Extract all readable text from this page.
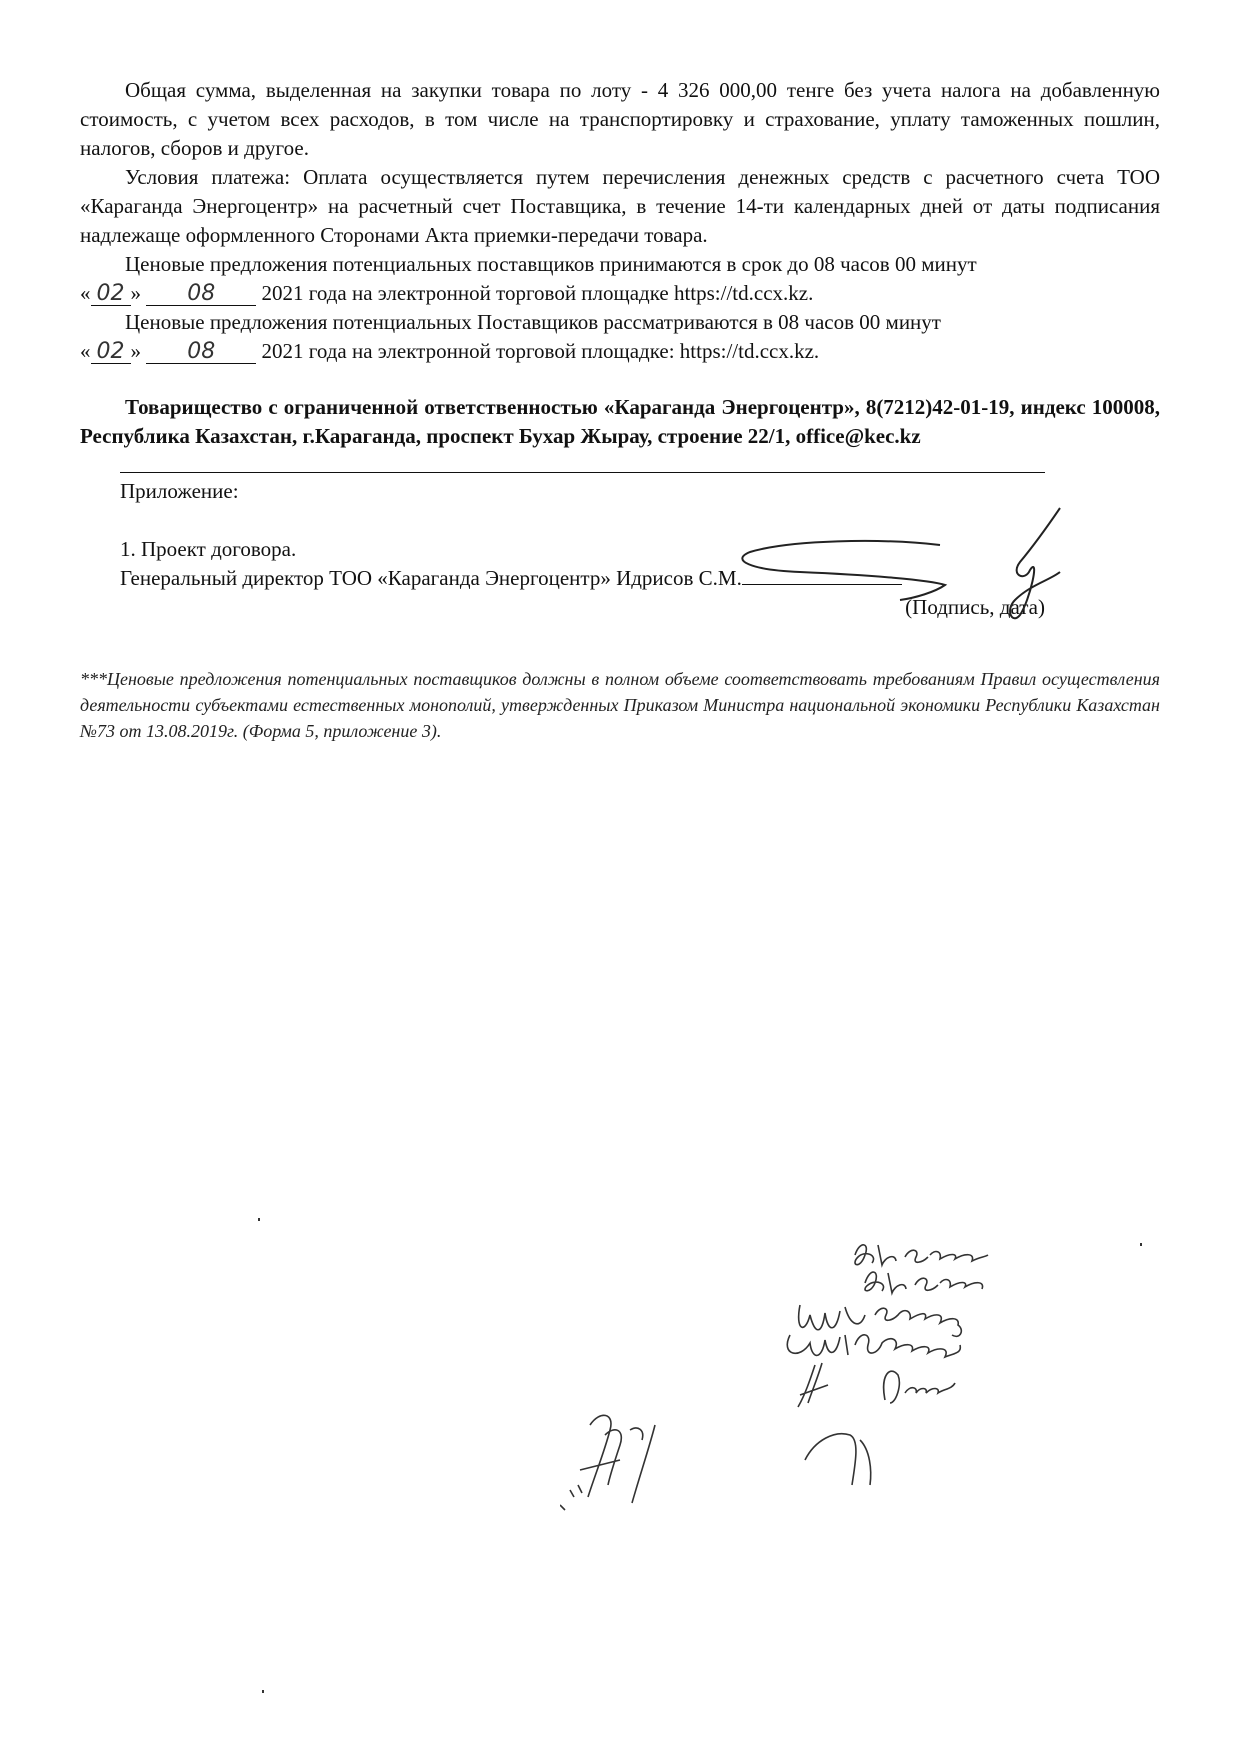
Общая сумма, выделенная на закупки товара по лоту - 4 326 000,00 тенге без учета налога на добавленную стоимость, с учетом всех расходов, в том числе на транспортировку и страхование, уплату таможенных пошлин, налогов, сборов и другое.

Условия платежа: Оплата осуществляется путем перечисления денежных средств с расчетного счета ТОО «Караганда Энергоцентр» на расчетный счет Поставщика, в течение 14-ти календарных дней от даты подписания надлежаще оформленного Сторонами Акта приемки-передачи товара.

Ценовые предложения потенциальных поставщиков принимаются в срок до 08 часов 00 минут

« 02 » 08 2021 года на электронной торговой площадке https://td.ccx.kz.

Ценовые предложения потенциальных Поставщиков рассматриваются в 08 часов 00 минут

« 02 » 08 2021 года на электронной торговой площадке: https://td.ccx.kz.

Товарищество с ограниченной ответственностью «Караганда Энергоцентр», 8(7212)42-01-19, индекс 100008, Республика Казахстан, г.Караганда, проспект Бухар Жырау, строение 22/1, office@kec.kz

Приложение:
1. Проект договора.
Генеральный директор ТОО «Караганда Энергоцентр» Идрисов С.М.
(Подпись, дата)

***Ценовые предложения потенциальных поставщиков должны в полном объеме соответствовать требованиям Правил осуществления деятельности субъектами естественных монополий, утвержденных Приказом Министра национальной экономики Республики Казахстан №73 от 13.08.2019г. (Форма 5, приложение 3).
